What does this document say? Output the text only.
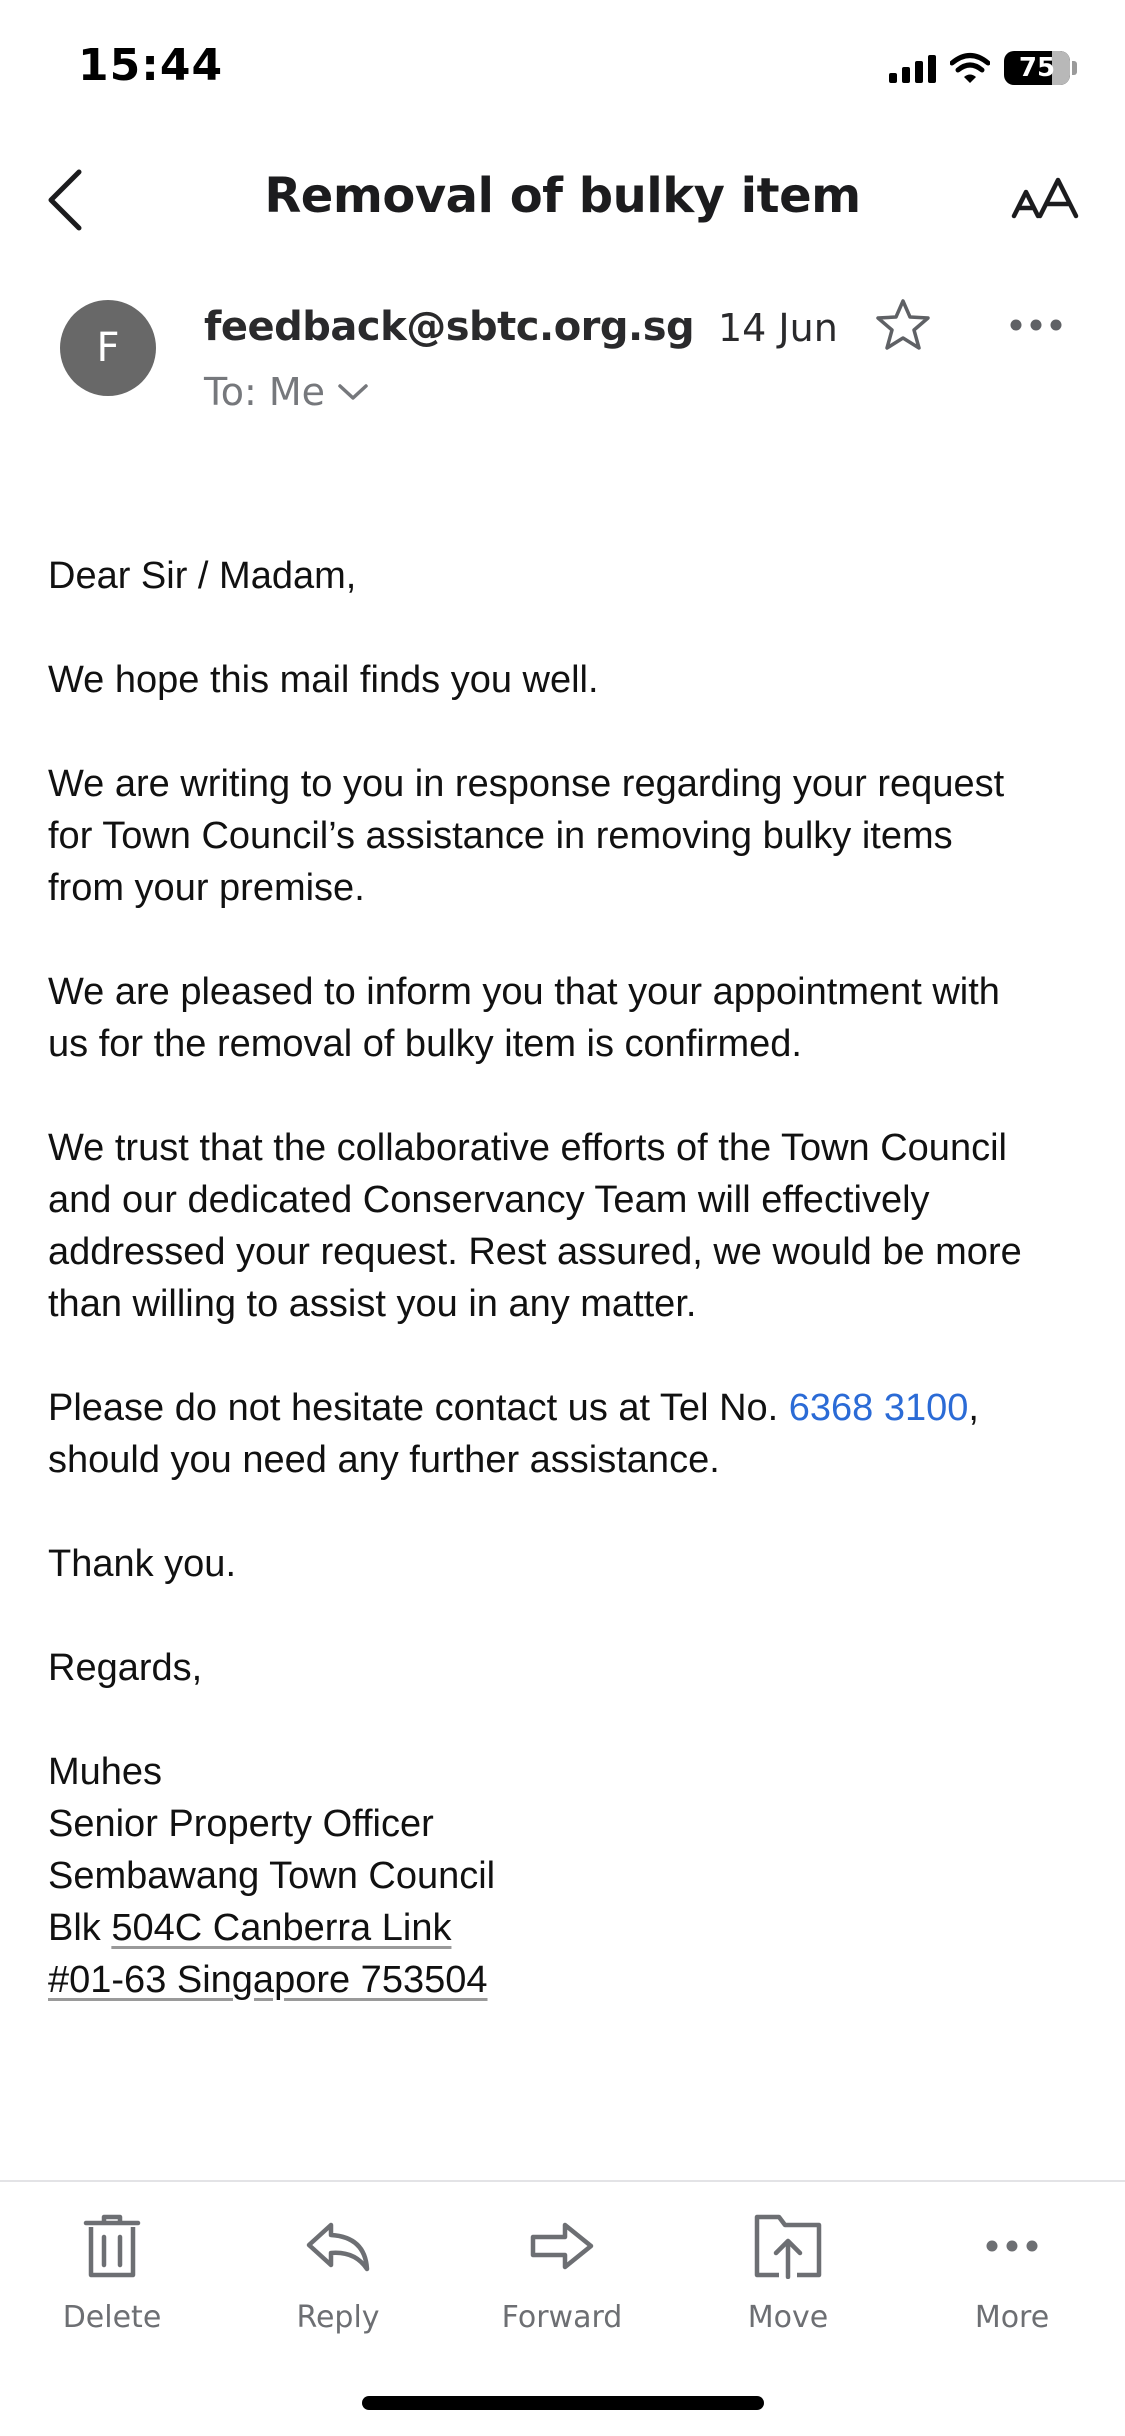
15:44	75
Removal of bulky item
F	feedback@sbtc.org.sg 14 Jun
To: Me

Dear Sir / Madam,

We hope this mail finds you well.

We are writing to you in response regarding your request
for Town Council’s assistance in removing bulky items
from your premise.

We are pleased to inform you that your appointment with
us for the removal of bulky item is confirmed.

We trust that the collaborative efforts of the Town Council
and our dedicated Conservancy Team will effectively
addressed your request. Rest assured, we would be more
than willing to assist you in any matter.

Please do not hesitate contact us at Tel No. 6368 3100,
should you need any further assistance.

Thank you.

Regards,

Muhes
Senior Property Officer
Sembawang Town Council
Blk 504C Canberra Link
#01-63 Singapore 753504
Delete	Reply	Forward	Move	More
